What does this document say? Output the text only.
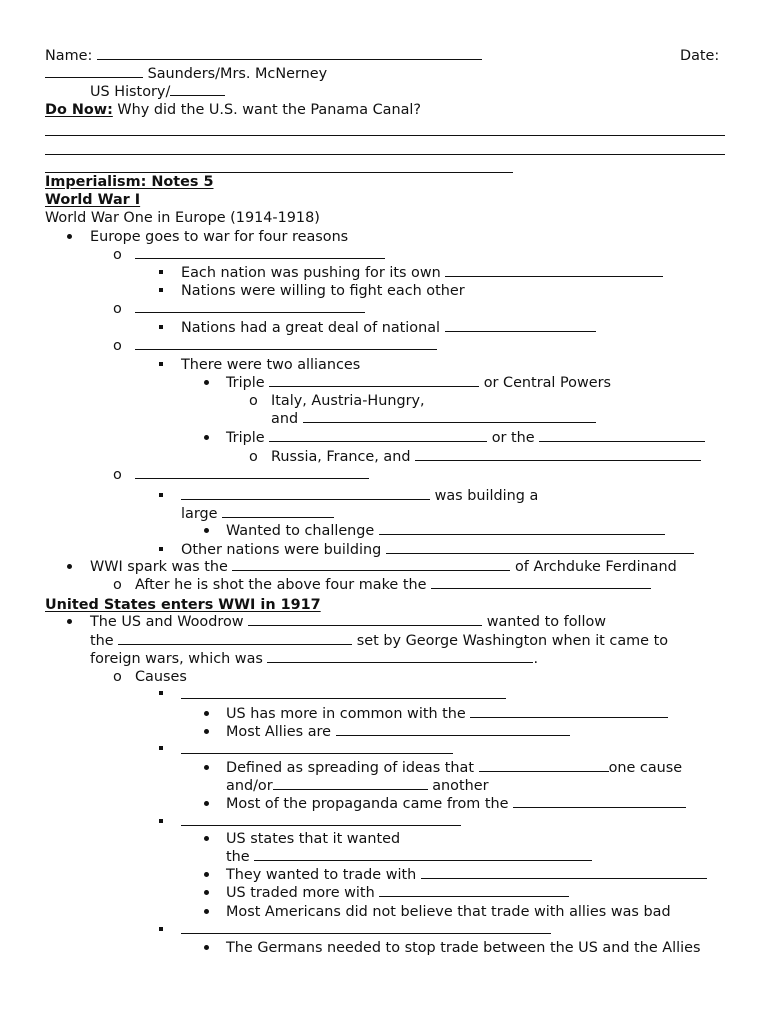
Name:	Date:
Saunders/Mrs. McNerney
US History/
Do Now: Why did the U.S. want the Panama Canal?
Imperialism: Notes 5
World War I
World War One in Europe (1914-1918)
Europe goes to war for four reasons
o
Each nation was pushing for its own
Nations were willing to fight each other
o
Nations had a great deal of national
o
There were two alliances
Triple	or Central Powers
o Italy, Austria-Hungry,
and
Triple	or the
o Russia, France, and
o
was building a
large
Wanted to challenge
Other nations were building
WWI spark was the	of Archduke Ferdinand
o After he is shot the above four make the
United States enters WWI in 1917
The US and Woodrow	wanted to follow
the	set by George Washington when it came to
foreign wars, which was	.
o Causes
US has more in common with the
Most Allies are
Defined as spreading of ideas that	one cause
and/or	another
Most of the propaganda came from the
US states that it wanted
the
They wanted to trade with
US traded more with
Most Americans did not believe that trade with allies was bad
The Germans needed to stop trade between the US and the Allies
